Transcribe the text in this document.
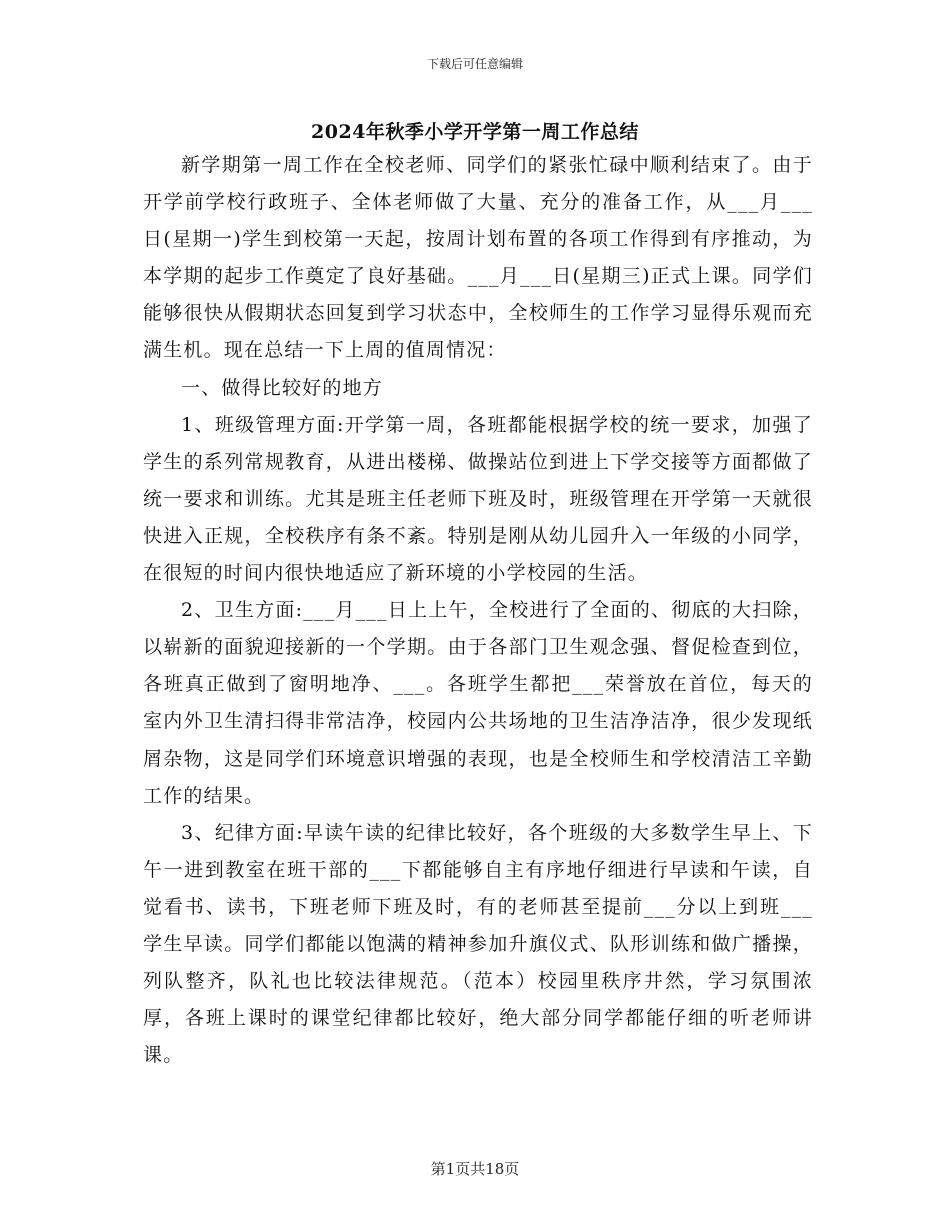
下载后可任意编辑
2024年秋季小学开学第一周工作总结

新学期第一周工作在全校老师、同学们的紧张忙碌中顺利结束了。由于开学前学校行政班子、全体老师做了大量、充分的准备工作，从___月___日(星期一)学生到校第一天起，按周计划布置的各项工作得到有序推动，为本学期的起步工作奠定了良好基础。___月___日(星期三)正式上课。同学们能够很快从假期状态回复到学习状态中，全校师生的工作学习显得乐观而充满生机。现在总结一下上周的值周情况：

一、做得比较好的地方

1、班级管理方面:开学第一周，各班都能根据学校的统一要求，加强了学生的系列常规教育，从进出楼梯、做操站位到进上下学交接等方面都做了统一要求和训练。尤其是班主任老师下班及时，班级管理在开学第一天就很快进入正规，全校秩序有条不紊。特别是刚从幼儿园升入一年级的小同学，在很短的时间内很快地适应了新环境的小学校园的生活。

2、卫生方面:___月___日上上午，全校进行了全面的、彻底的大扫除，以崭新的面貌迎接新的一个学期。由于各部门卫生观念强、督促检查到位，各班真正做到了窗明地净、___。各班学生都把___荣誉放在首位，每天的室内外卫生清扫得非常洁净，校园内公共场地的卫生洁净洁净，很少发现纸屑杂物，这是同学们环境意识增强的表现，也是全校师生和学校清洁工辛勤工作的结果。

3、纪律方面:早读午读的纪律比较好，各个班级的大多数学生早上、下午一进到教室在班干部的___下都能够自主有序地仔细进行早读和午读，自觉看书、读书，下班老师下班及时，有的老师甚至提前___分以上到班___学生早读。同学们都能以饱满的精神参加升旗仪式、队形训练和做广播操，列队整齐，队礼也比较法律规范。（范本）校园里秩序井然，学习氛围浓厚，各班上课时的课堂纪律都比较好，绝大部分同学都能仔细的听老师讲课。

第1页共18页
